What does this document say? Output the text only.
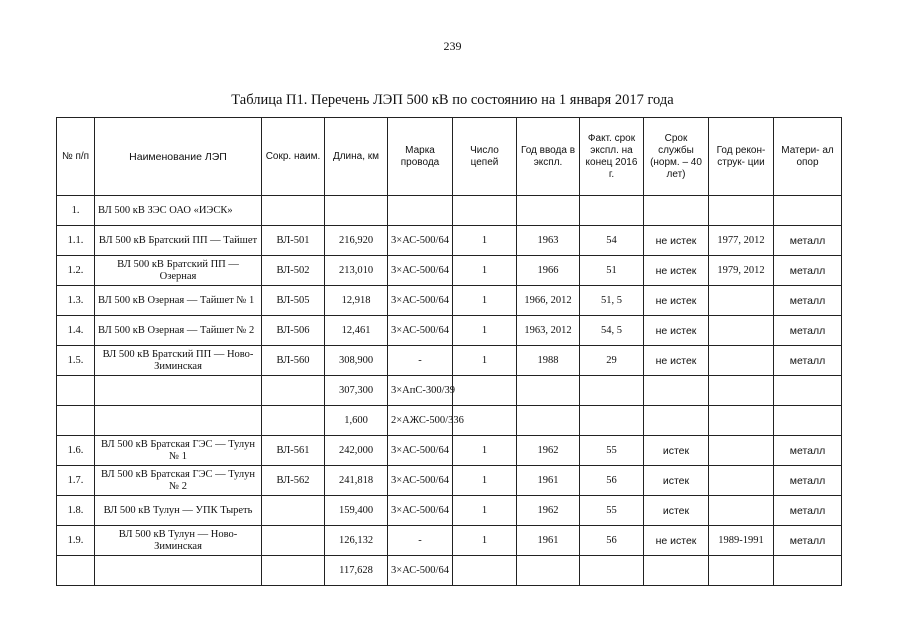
239
Таблица П1. Перечень ЛЭП 500 кВ по состоянию на 1 января 2017 года
№ п/п	Наименование ЛЭП	Сокр. наим.	Длина, км	Марка провода	Число цепей	Год ввода в экспл.	Факт. срок экспл. на конец 2016 г.	Срок службы (норм. – 40 лет)	Год рекон- струк- ции	Матери- ал опор
1.	ВЛ 500 кВ ЗЭС ОАО «ИЭСК»									
1.1.	ВЛ 500 кВ Братский ПП — Тайшет	ВЛ-501	216,920	3×АС-500/64	1	1963	54	не истек	1977, 2012	металл
1.2.	ВЛ 500 кВ Братский ПП — Озерная	ВЛ-502	213,010	3×АС-500/64	1	1966	51	не истек	1979, 2012	металл
1.3.	ВЛ 500 кВ Озерная — Тайшет № 1	ВЛ-505	12,918	3×АС-500/64	1	1966, 2012	51, 5	не истек		металл
1.4.	ВЛ 500 кВ Озерная — Тайшет № 2	ВЛ-506	12,461	3×АС-500/64	1	1963, 2012	54, 5	не истек		металл
1.5.	ВЛ 500 кВ Братский ПП — Ново-Зиминская	ВЛ-560	308,900	-	1	1988	29	не истек		металл
			307,300	3×АпС-300/39						
			1,600	2×АЖС-500/336						
1.6.	ВЛ 500 кВ Братская ГЭС — Тулун № 1	ВЛ-561	242,000	3×АС-500/64	1	1962	55	истек		металл
1.7.	ВЛ 500 кВ Братская ГЭС — Тулун № 2	ВЛ-562	241,818	3×АС-500/64	1	1961	56	истек		металл
1.8.	ВЛ 500 кВ Тулун — УПК Тыреть		159,400	3×АС-500/64	1	1962	55	истек		металл
1.9.	ВЛ 500 кВ Тулун — Ново-Зиминская		126,132	-	1	1961	56	не истек	1989-1991	металл
			117,628	3×АС-500/64						
